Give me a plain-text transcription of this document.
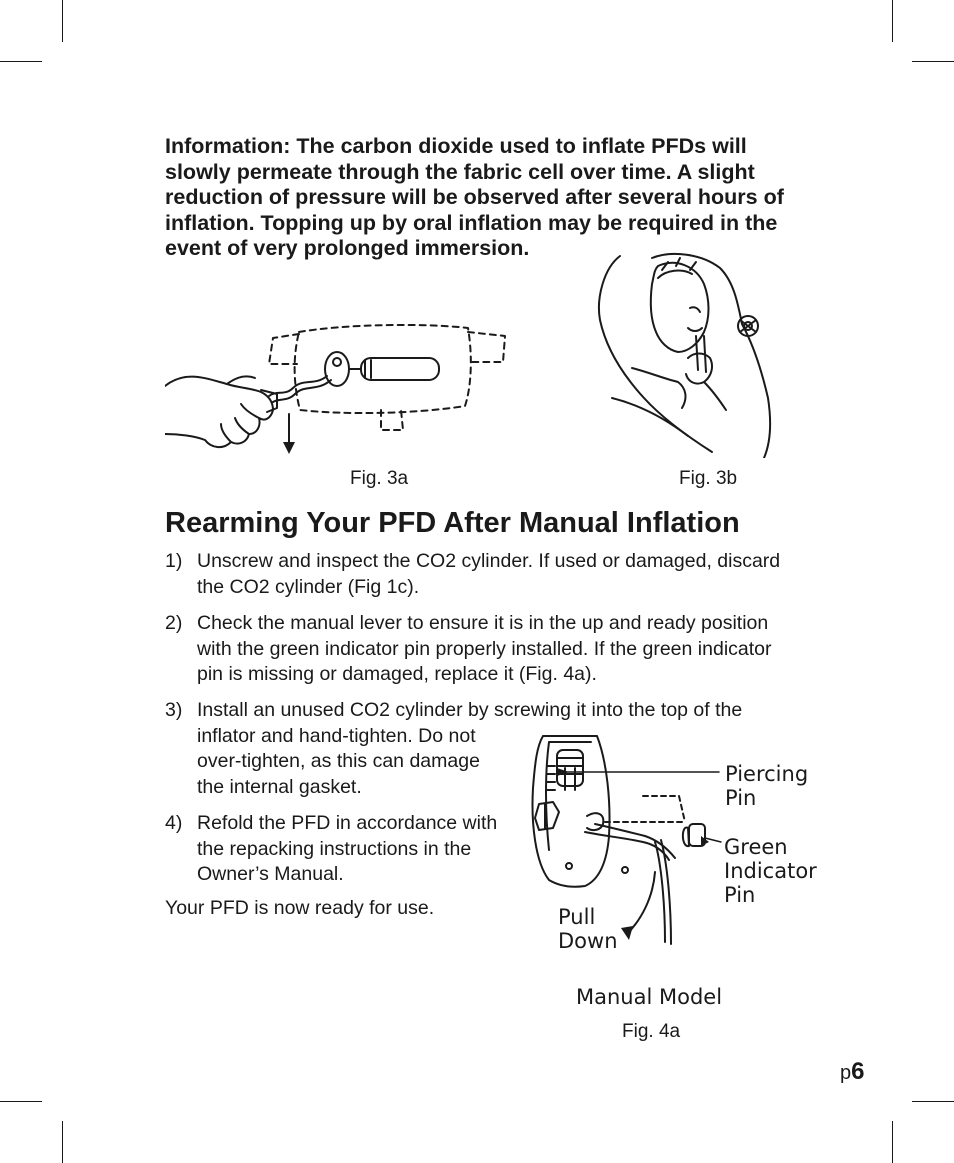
Information: The carbon dioxide used to inflate PFDs will slowly permeate through the fabric cell over time. A slight reduction of pressure will be observed after several hours of inflation. Topping up by oral inflation may be required in the event of very prolonged immersion.

Fig. 3a	Fig. 3b
Rearming Your PFD After Manual Inflation
1) Unscrew and inspect the CO2 cylinder. If used or damaged, discard
the CO2 cylinder (Fig 1c).
2) Check the manual lever to ensure it is in the up and ready position
with the green indicator pin properly installed. If the green indicator
pin is missing or damaged, replace it (Fig. 4a).
3) Install an unused CO2 cylinder by screwing it into the top of the
inflator and hand-tighten. Do not
over-tighten, as this can damage
the internal gasket.
4) Refold the PFD in accordance with
the repacking instructions in the
Owner’s Manual.
Your PFD is now ready for use.
Piercing
Pin
Green
Indicator
Pin
Pull
Down
Manual Model
Fig. 4a
p6
